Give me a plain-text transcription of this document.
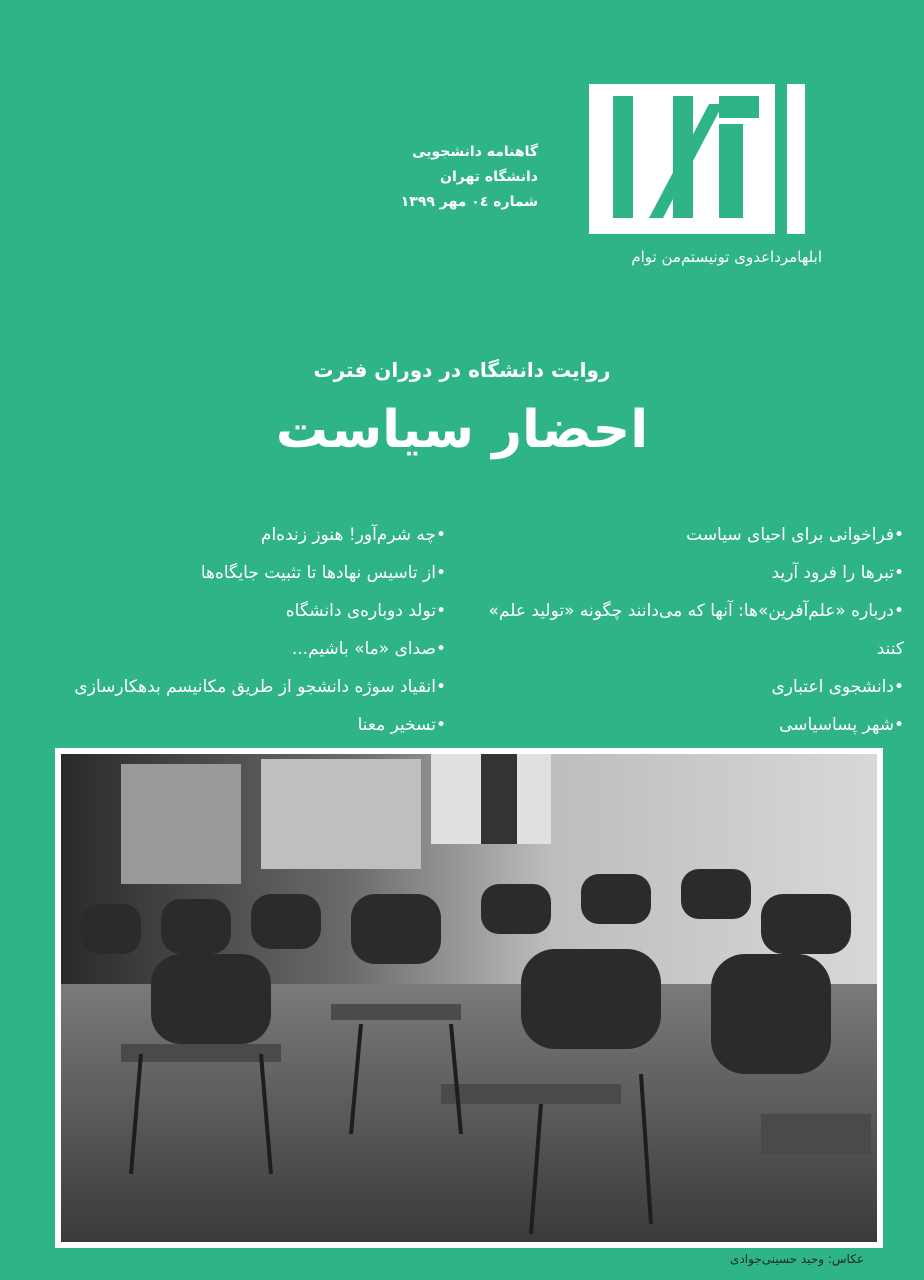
ابلهامرداعدوی تونیستم‌من توام
گاهنامه دانشجویی
دانشگاه تهران
شماره ۰٤ مهر ۱۳۹۹
روایت دانشگاه در دوران فترت
احضار سیاست
•فراخوانی برای احیای سیاست
•تبرها را فرود آرید
•درباره «علم‌آفرین»ها: آنها که می‌دانند چگونه «تولید علم» کنند
•دانشجوی اعتباری
•شهر پساسیاسی
•چه شرم‌آور! هنوز زنده‌ام
•از تاسیس نهادها تا تثبیت جایگاه‌ها
•تولد دوباره‌ی دانشگاه
•صدای «ما» باشیم...
•انقیاد سوژه دانشجو از طریق مکانیسم بدهکارسازی
•تسخیر معنا
عکاس: وحید حسینی‌جوادی
